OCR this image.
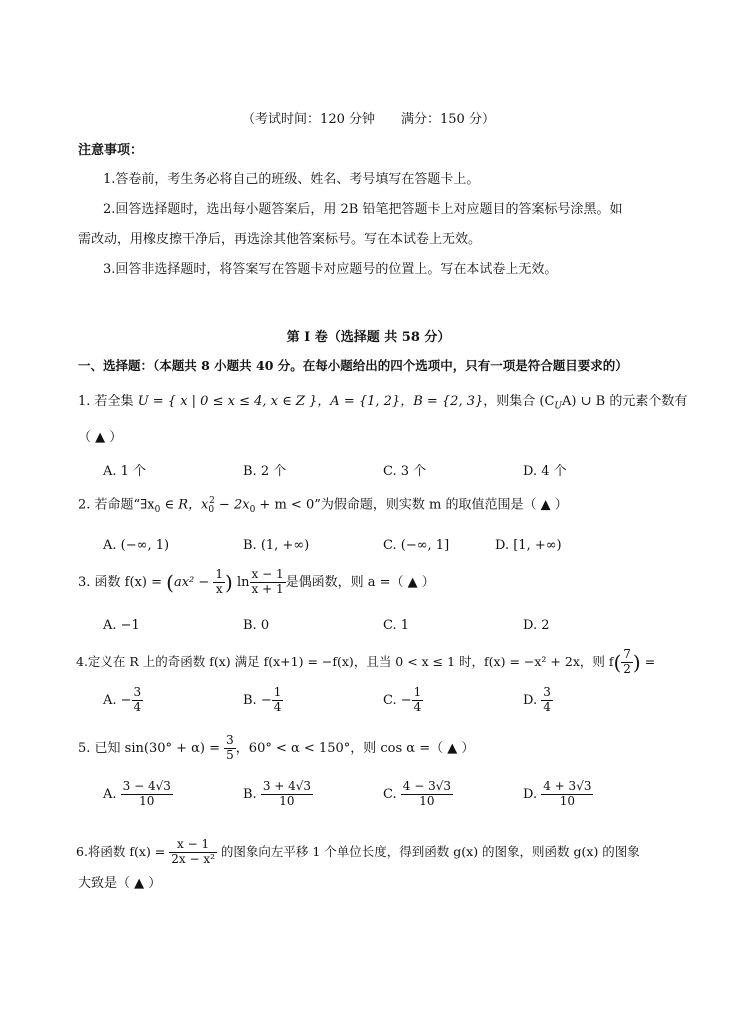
（考试时间：120 分钟　　满分：150 分）
注意事项：
1.答卷前，考生务必将自己的班级、姓名、考号填写在答题卡上。
2.回答选择题时，选出每小题答案后，用 2B 铅笔把答题卡上对应题目的答案标号涂黑。如
需改动，用橡皮擦干净后，再选涂其他答案标号。写在本试卷上无效。
3.回答非选择题时，将答案写在答题卡对应题号的位置上。写在本试卷上无效。
第 I 卷（选择题 共 58 分）
一、选择题：（本题共 8 小题共 40 分。在每小题给出的四个选项中，只有一项是符合题目要求的）
1. 若全集 U = { x | 0 ≤ x ≤ 4, x ∈ Z }，A = {1, 2}，B = {2, 3}，则集合 $(C_UA)$ ∪ B 的元素个数有
（ ▲ ）
A. 1 个	B. 2 个	C. 3 个	D. 4 个
2. 若命题“$\exists x_0$ ∈ R，$x_0^2 - 2x_0 + m < 0$”为假命题，则实数 m 的取值范围是（ ▲ ）
A. (−∞, 1)	B. (1, +∞)	C. (−∞, 1]	D. [1, +∞)
3. 函数 $f(x) = (ax^2 - \frac{1}{x}$ ) $\ln \frac{x - 1}{x + 1}$ 是偶函数，则 a =（ ▲ ）
A. −1	B. 0	C. 1	D. 2
4.定义在 R 上的奇函数 f(x) 满足 f(x+1) = −f(x)，且当 0 < x ≤ 1 时，f(x) = −x² + 2x，则 $f( \frac{7}{2}$ ) =
A. − $\frac{3}{4}$	B. − $\frac{1}{4}$	C. − $\frac{1}{4}$	D. $\frac{3}{4}$
5. 已知 $\sin(30^\circ + \alpha) = \frac{3}{5}$ ，60° < α < 150°，则 cos α =（ ▲ ）
A. $\frac{3 - 4√3}{10}$	B. $\frac{3 + 4√3}{10}$	C. $\frac{4 - 3√3}{10}$	D. $\frac{4 + 3√3}{10}$
6.将函数 $f(x) = \frac{x - 1}{\text{2x − x²}}$ 的图象向左平移 1 个单位长度，得到函数 g(x) 的图象，则函数 g(x) 的图象
大致是（ ▲ ）
